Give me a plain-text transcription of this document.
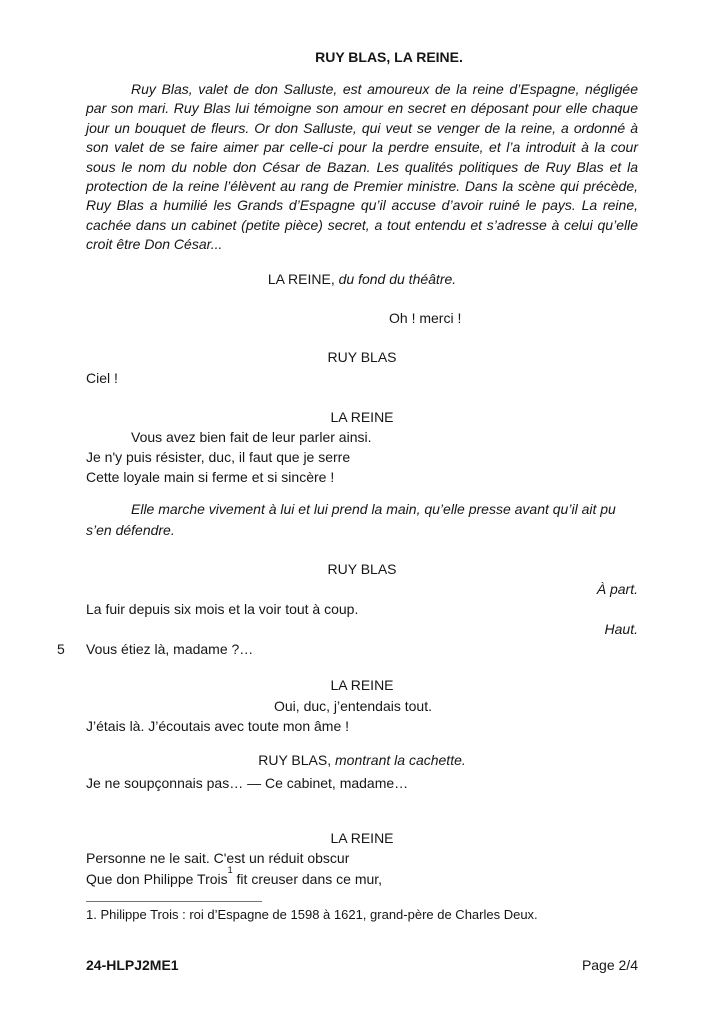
RUY BLAS, LA REINE.

Ruy Blas, valet de don Salluste, est amoureux de la reine d’Espagne, négligée par son mari. Ruy Blas lui témoigne son amour en secret en déposant pour elle chaque jour un bouquet de fleurs. Or don Salluste, qui veut se venger de la reine, a ordonné à son valet de se faire aimer par celle-ci pour la perdre ensuite, et l’a introduit à la cour sous le nom du noble don César de Bazan. Les qualités politiques de Ruy Blas et la protection de la reine l’élèvent au rang de Premier ministre. Dans la scène qui précède, Ruy Blas a humilié les Grands d’Espagne qu’il accuse d’avoir ruiné le pays. La reine, cachée dans un cabinet (petite pièce) secret, a tout entendu et s’adresse à celui qu’elle croit être Don César...

LA REINE, du fond du théâtre.
Oh ! merci !
RUY BLAS
Ciel !
LA REINE
Vous avez bien fait de leur parler ainsi.
Je n'y puis résister, duc, il faut que je serre
Cette loyale main si ferme et si sincère !

Elle marche vivement à lui et lui prend la main, qu’elle presse avant qu’il ait pu s’en défendre.

RUY BLAS
À part.
La fuir depuis six mois et la voir tout à coup.
Haut.
5 Vous étiez là, madame ?…
LA REINE
Oui, duc, j’entendais tout.
J’étais là. J’écoutais avec toute mon âme !
RUY BLAS, montrant la cachette.
Je ne soupçonnais pas… — Ce cabinet, madame…
LA REINE
Personne ne le sait. C'est un réduit obscur
Que don Philippe Trois$^1$ fit creuser dans ce mur,
1. Philippe Trois : roi d’Espagne de 1598 à 1621, grand-père de Charles Deux.
24-HLPJ2ME1	Page 2/4
